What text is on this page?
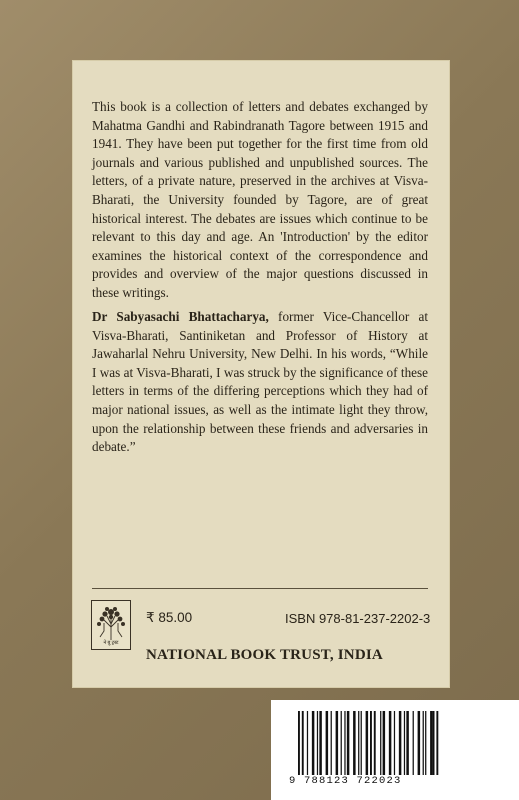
This book is a collection of letters and debates exchanged by Mahatma Gandhi and Rabindranath Tagore between 1915 and 1941. They have been put together for the first time from old journals and various published and unpublished sources. The letters, of a private nature, preserved in the archives at Visva-Bharati, the University founded by Tagore, are of great historical interest. The debates are issues which continue to be relevant to this day and age. An 'Introduction' by the editor examines the historical context of the correspondence and provides and overview of the major questions discussed in these writings.

Dr Sabyasachi Bhattacharya, former Vice-Chancellor at Visva-Bharati, Santiniketan and Professor of History at Jawaharlal Nehru University, New Delhi. In his words, “While I was at Visva-Bharati, I was struck by the significance of these letters in terms of the differing perceptions which they had of major national issues, as well as the intimate light they throw, upon the relationship between these friends and adversaries in debate.”

ने बु ट्रस्ट
₹ 85.00	ISBN 978-81-237-2202-3
NATIONAL BOOK TRUST, INDIA
9 788123 722023
